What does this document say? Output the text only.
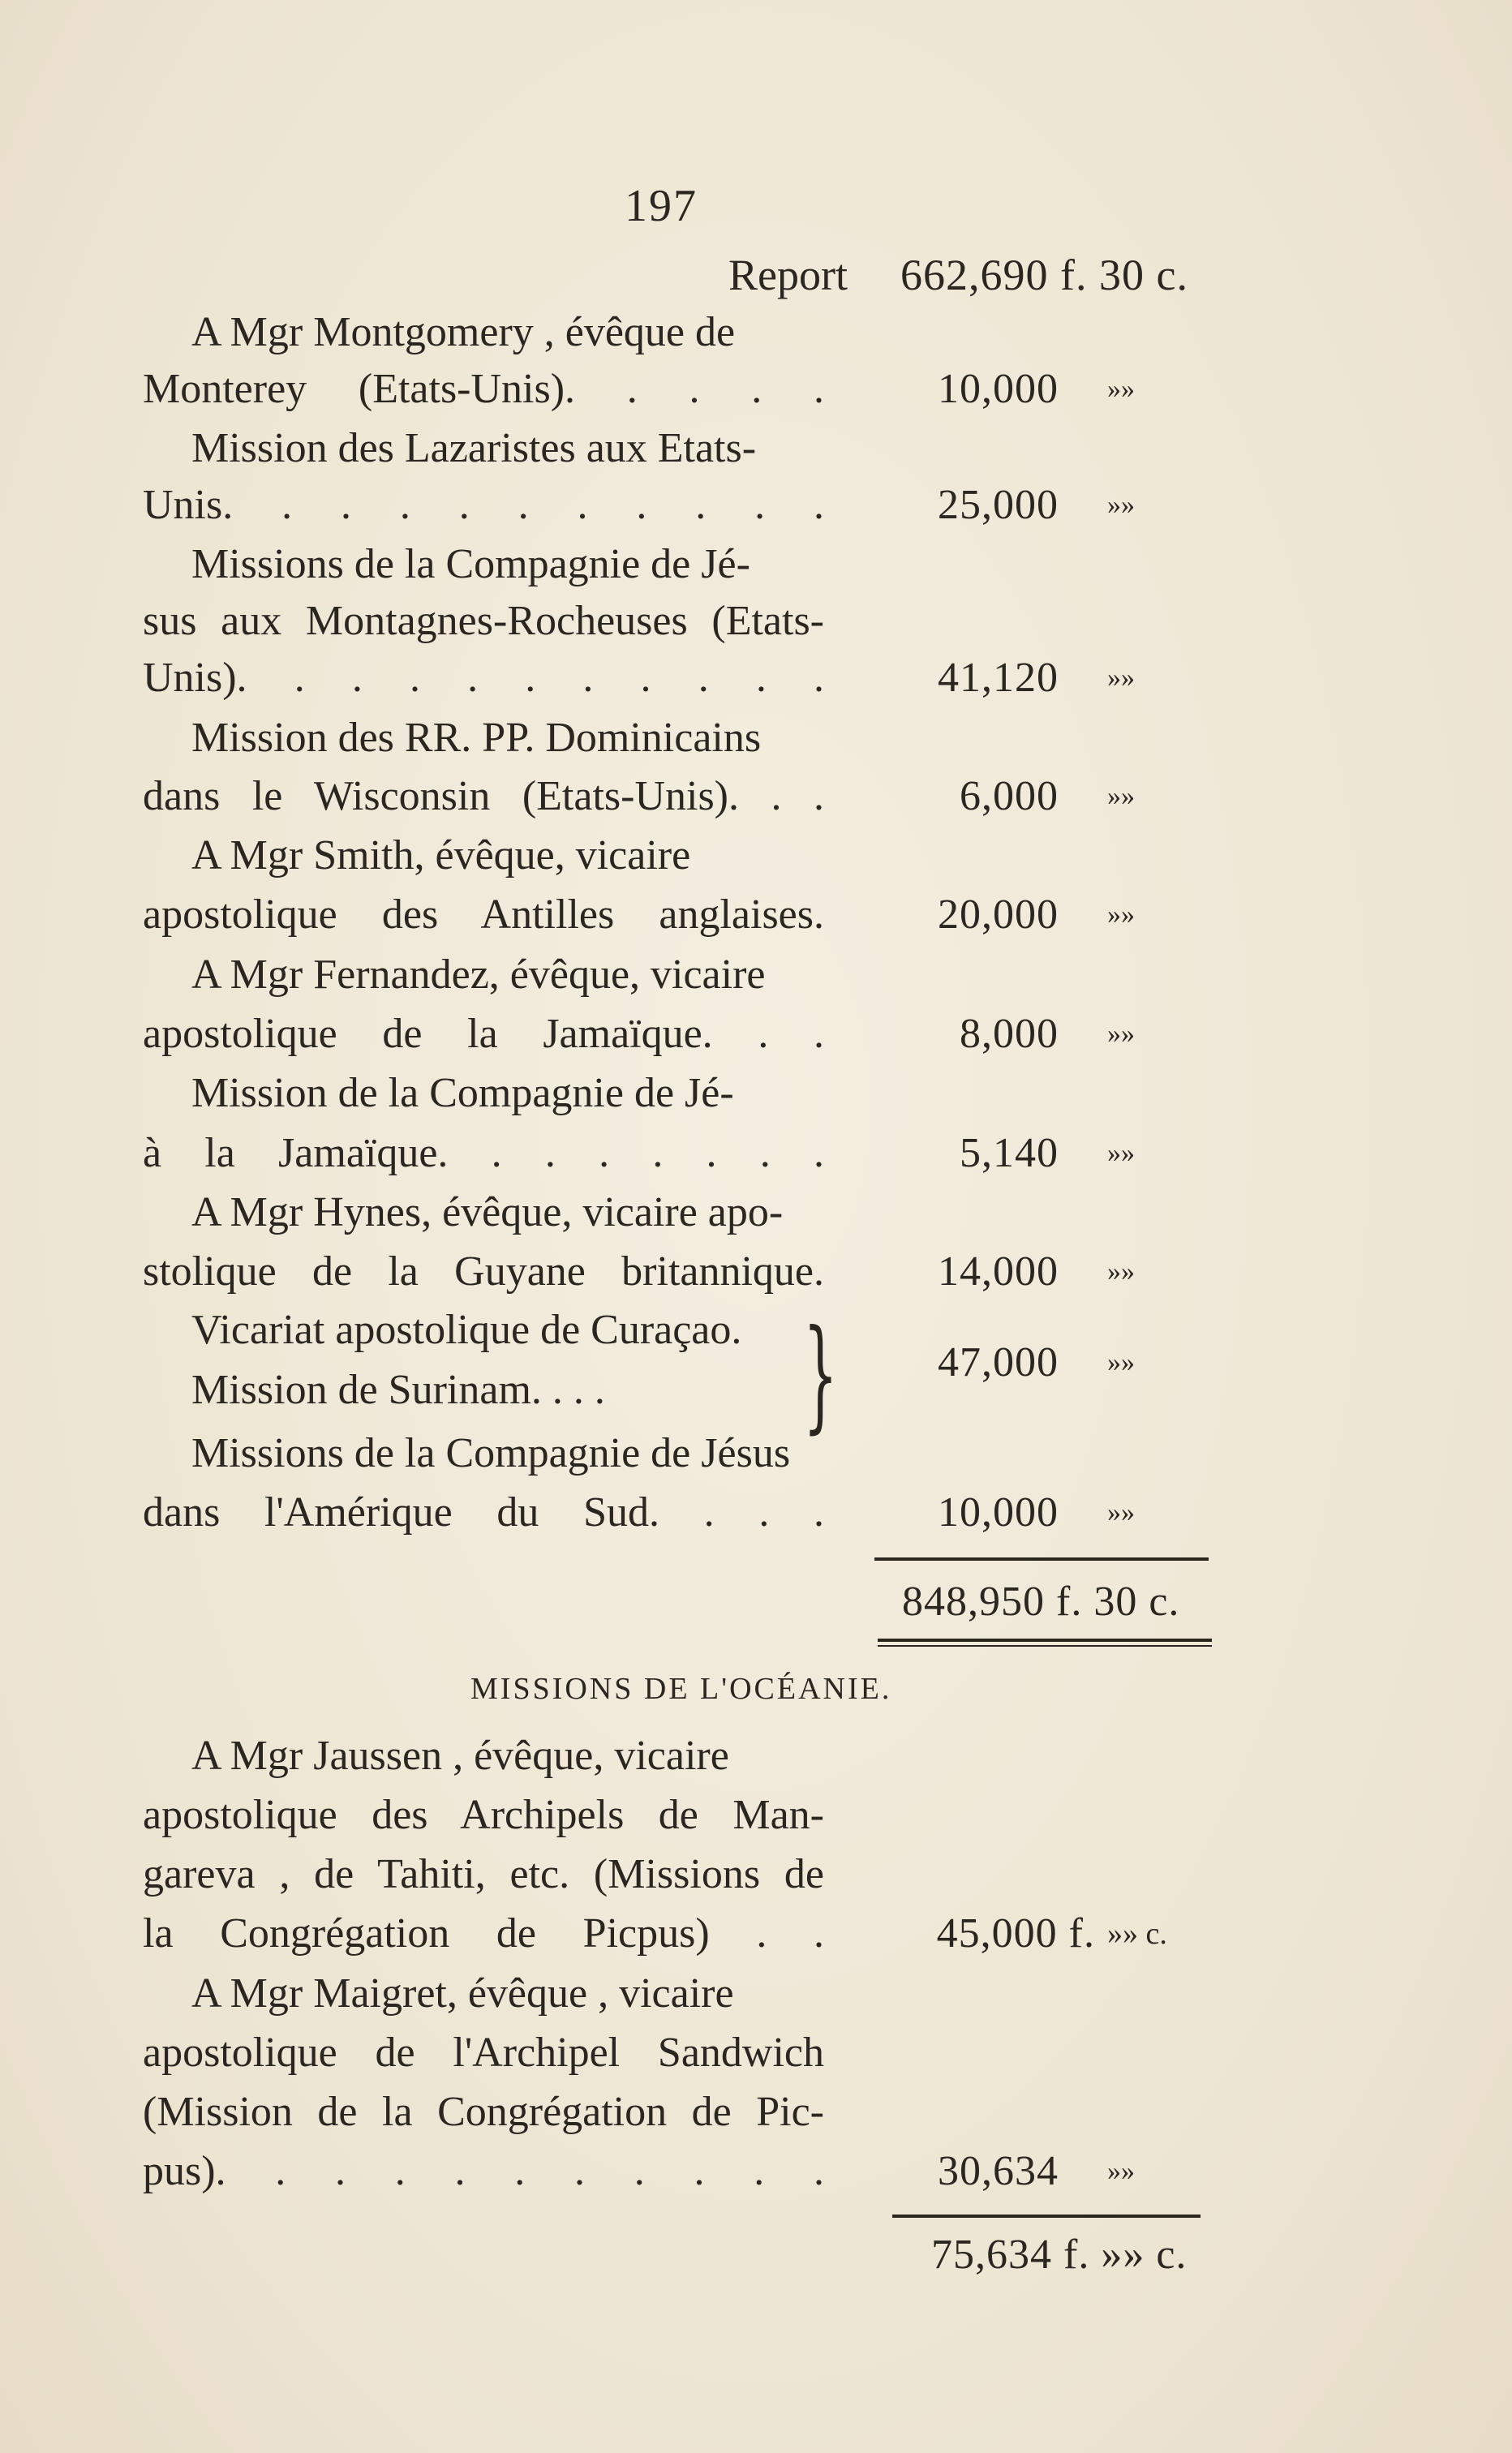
197
Report 662,690 f. 30 c.
A Mgr Montgomery , évêque de
Monterey (Etats-Unis). . . . .	10,000 »»
Mission des Lazaristes aux Etats-
Unis. . . . . . . . . . .	25,000 »»
Missions de la Compagnie de Jé-
sus aux Montagnes-Rocheuses (Etats-
Unis). . . . . . . . . . .	41,120 »»
Mission des RR. PP. Dominicains
dans le Wisconsin (Etats-Unis). . .	6,000 »»
A Mgr Smith, évêque, vicaire
apostolique des Antilles anglaises.	20,000 »»
A Mgr Fernandez, évêque, vicaire
apostolique de la Jamaïque. . .	8,000 »»
Mission de la Compagnie de Jé-
à la Jamaïque. . . . . . . .	5,140 »»
A Mgr Hynes, évêque, vicaire apo-
stolique de la Guyane britannique.	14,000 »»
Vicariat apostolique de Curaçao.
Mission de Surinam. . . . }	47,000 »»
Missions de la Compagnie de Jésus
dans l'Amérique du Sud. . . .	10,000 »»
848,950 f. 30 c.
MISSIONS DE L'OCÉANIE.
A Mgr Jaussen , évêque, vicaire
apostolique des Archipels de Man-
gareva , de Tahiti, etc. (Missions de
la Congrégation de Picpus) . .	45,000 f. »» c.
A Mgr Maigret, évêque , vicaire
apostolique de l'Archipel Sandwich
(Mission de la Congrégation de Pic-
pus). . . . . . . . . . .	30,634 »»
75,634 f. »» c.
